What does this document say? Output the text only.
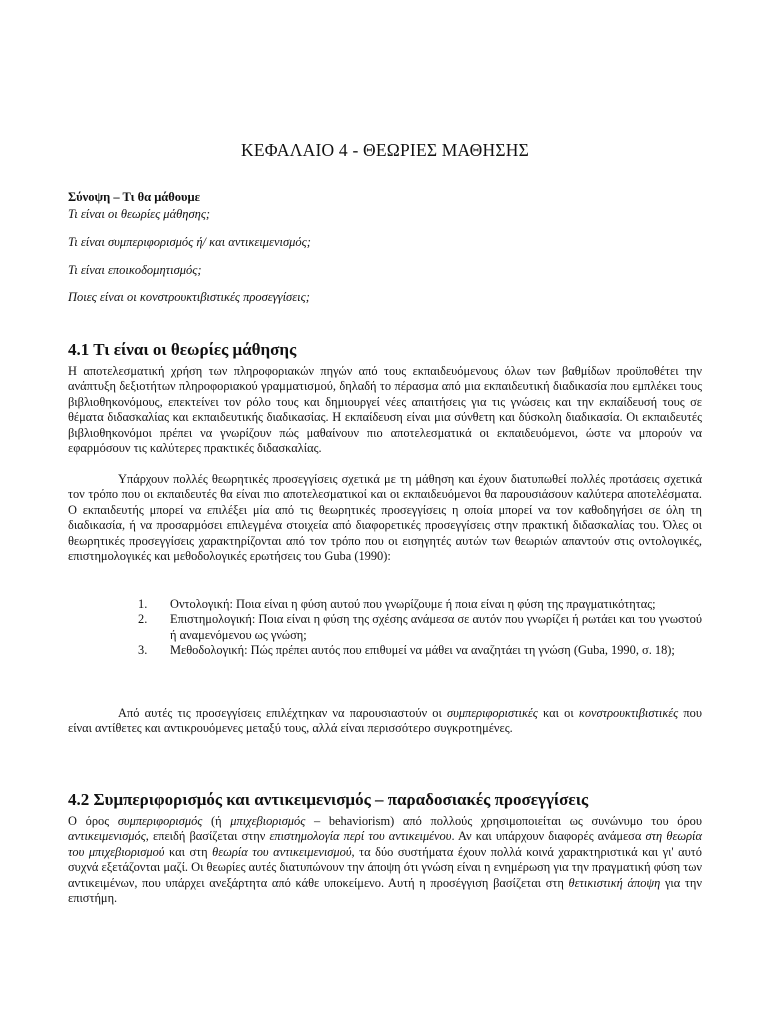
ΚΕΦΑΛΑΙΟ 4 - ΘΕΩΡΙΕΣ ΜΑΘΗΣΗΣ
Σύνοψη – Τι θα μάθουμε
Τι είναι οι θεωρίες μάθησης;
Τι είναι συμπεριφορισμός ή/ και αντικειμενισμός;
Τι είναι εποικοδομητισμός;
Ποιες είναι οι κονστρουκτιβιστικές προσεγγίσεις;
4.1 Τι είναι οι θεωρίες μάθησης
Η αποτελεσματική χρήση των πληροφοριακών πηγών από τους εκπαιδευόμενους όλων των βαθμίδων προϋποθέτει την ανάπτυξη δεξιοτήτων πληροφοριακού γραμματισμού, δηλαδή το πέρασμα από μια εκπαιδευτική διαδικασία που εμπλέκει τους βιβλιοθηκονόμους, επεκτείνει τον ρόλο τους και δημιουργεί νέες απαιτήσεις για τις γνώσεις και την εκπαίδευσή τους σε θέματα διδασκαλίας και εκπαιδευτικής διαδικασίας. Η εκπαίδευση είναι μια σύνθετη και δύσκολη διαδικασία. Οι εκπαιδευτές βιβλιοθηκονόμοι πρέπει να γνωρίζουν πώς μαθαίνουν πιο αποτελεσματικά οι εκπαιδευόμενοι, ώστε να μπορούν να εφαρμόσουν τις καλύτερες πρακτικές διδασκαλίας.
Υπάρχουν πολλές θεωρητικές προσεγγίσεις σχετικά με τη μάθηση και έχουν διατυπωθεί πολλές προτάσεις σχετικά τον τρόπο που οι εκπαιδευτές θα είναι πιο αποτελεσματικοί και οι εκπαιδευόμενοι θα παρουσιάσουν καλύτερα αποτελέσματα. Ο εκπαιδευτής μπορεί να επιλέξει μία από τις θεωρητικές προσεγγίσεις η οποία μπορεί να τον καθοδηγήσει σε όλη τη διαδικασία, ή να προσαρμόσει επιλεγμένα στοιχεία από διαφορετικές προσεγγίσεις στην πρακτική διδασκαλίας του. Όλες οι θεωρητικές προσεγγίσεις χαρακτηρίζονται από τον τρόπο που οι εισηγητές αυτών των θεωριών απαντούν στις οντολογικές, επιστημολογικές και μεθοδολογικές ερωτήσεις του Guba (1990):
1. Οντολογική: Ποια είναι η φύση αυτού που γνωρίζουμε ή ποια είναι η φύση της πραγματικότητας;
2. Επιστημολογική: Ποια είναι η φύση της σχέσης ανάμεσα σε αυτόν που γνωρίζει ή ρωτάει και του γνωστού ή αναμενόμενου ως γνώση;
3. Μεθοδολογική: Πώς πρέπει αυτός που επιθυμεί να μάθει να αναζητάει τη γνώση (Guba, 1990, σ. 18);
Από αυτές τις προσεγγίσεις επιλέχτηκαν να παρουσιαστούν οι συμπεριφοριστικές και οι κονστρουκτιβιστικές που είναι αντίθετες και αντικρουόμενες μεταξύ τους, αλλά είναι περισσότερο συγκροτημένες.
4.2 Συμπεριφορισμός και αντικειμενισμός – παραδοσιακές προσεγγίσεις
Ο όρος συμπεριφορισμός (ή μπιχεβιορισμός – behaviorism) από πολλούς χρησιμοποιείται ως συνώνυμο του όρου αντικειμενισμός, επειδή βασίζεται στην επιστημολογία περί του αντικειμένου. Αν και υπάρχουν διαφορές ανάμεσα στη θεωρία του μπιχεβιορισμού και στη θεωρία του αντικειμενισμού, τα δύο συστήματα έχουν πολλά κοινά χαρακτηριστικά και γι' αυτό συχνά εξετάζονται μαζί. Οι θεωρίες αυτές διατυπώνουν την άποψη ότι γνώση είναι η ενημέρωση για την πραγματική φύση των αντικειμένων, που υπάρχει ανεξάρτητα από κάθε υποκείμενο. Αυτή η προσέγγιση βασίζεται στη θετικιστική άποψη για την επιστήμη.
